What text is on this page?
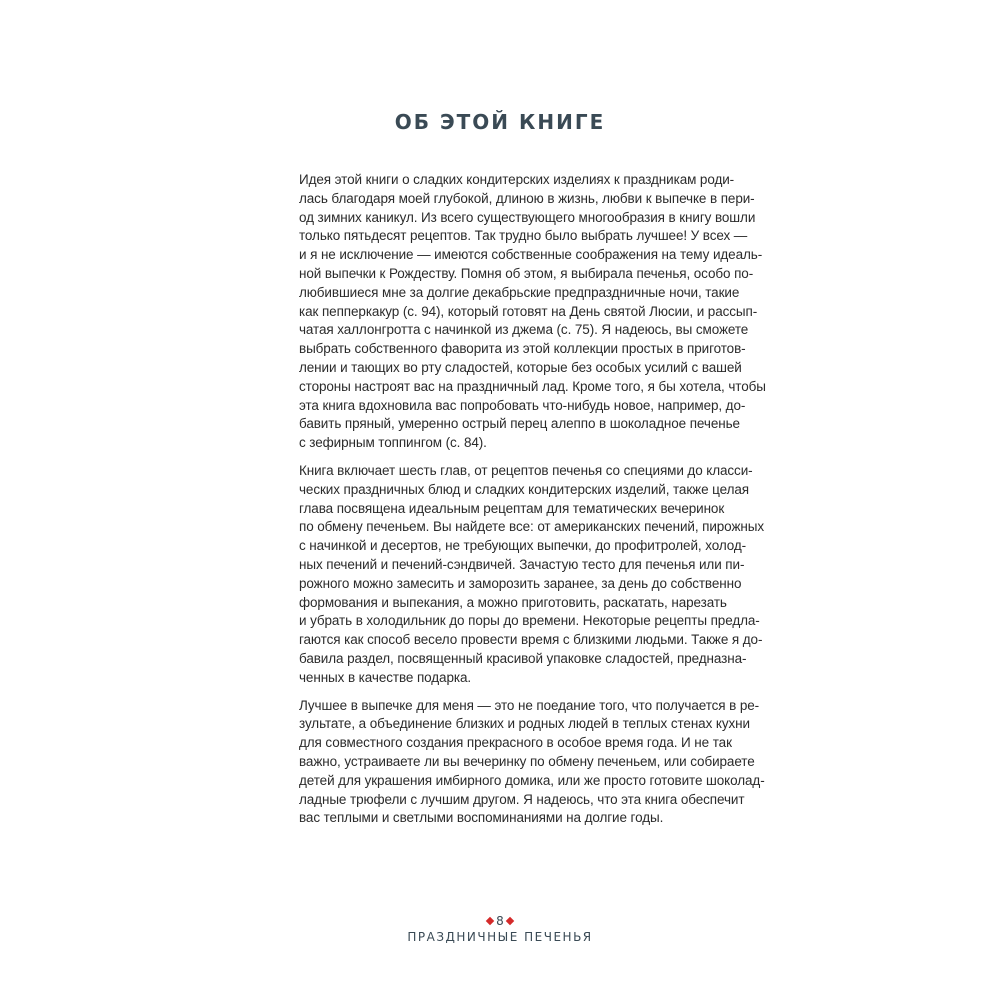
ОБ ЭТОЙ КНИГЕ

Идея этой книги о сладких кондитерских изделиях к праздникам роди-
лась благодаря моей глубокой, длиною в жизнь, любви к выпечке в пери-
од зимних каникул. Из всего существующего многообразия в книгу вошли
только пятьдесят рецептов. Так трудно было выбрать лучшее! У всех —
и я не исключение — имеются собственные соображения на тему идеаль-
ной выпечки к Рождеству. Помня об этом, я выбирала печенья, особо по-
любившиеся мне за долгие декабрьские предпраздничные ночи, такие
как пепперкакур (с. 94), который готовят на День святой Люсии, и рассып-
чатая халлонгротта с начинкой из джема (с. 75). Я надеюсь, вы сможете
выбрать собственного фаворита из этой коллекции простых в приготов-
лении и тающих во рту сладостей, которые без особых усилий с вашей
стороны настроят вас на праздничный лад. Кроме того, я бы хотела, чтобы
эта книга вдохновила вас попробовать что-нибудь новое, например, до-
бавить пряный, умеренно острый перец алеппо в шоколадное печенье
с зефирным топпингом (с. 84).

Книга включает шесть глав, от рецептов печенья со специями до класси-
ческих праздничных блюд и сладких кондитерских изделий, также целая
глава посвящена идеальным рецептам для тематических вечеринок
по обмену печеньем. Вы найдете все: от американских печений, пирожных
с начинкой и десертов, не требующих выпечки, до профитролей, холод-
ных печений и печений-сэндвичей. Зачастую тесто для печенья или пи-
рожного можно замесить и заморозить заранее, за день до собственно
формования и выпекания, а можно приготовить, раскатать, нарезать
и убрать в холодильник до поры до времени. Некоторые рецепты предла-
гаются как способ весело провести время с близкими людьми. Также я до-
бавила раздел, посвященный красивой упаковке сладостей, предназна-
ченных в качестве подарка.

Лучшее в выпечке для меня — это не поедание того, что получается в ре-
зультате, а объединение близких и родных людей в теплых стенах кухни
для совместного создания прекрасного в особое время года. И не так
важно, устраиваете ли вы вечеринку по обмену печеньем, или собираете
детей для украшения имбирного домика, или же просто готовите шоколад-
ладные трюфели с лучшим другом. Я надеюсь, что эта книга обеспечит
вас теплыми и светлыми воспоминаниями на долгие годы.

8
ПРАЗДНИЧНЫЕ ПЕЧЕНЬЯ
